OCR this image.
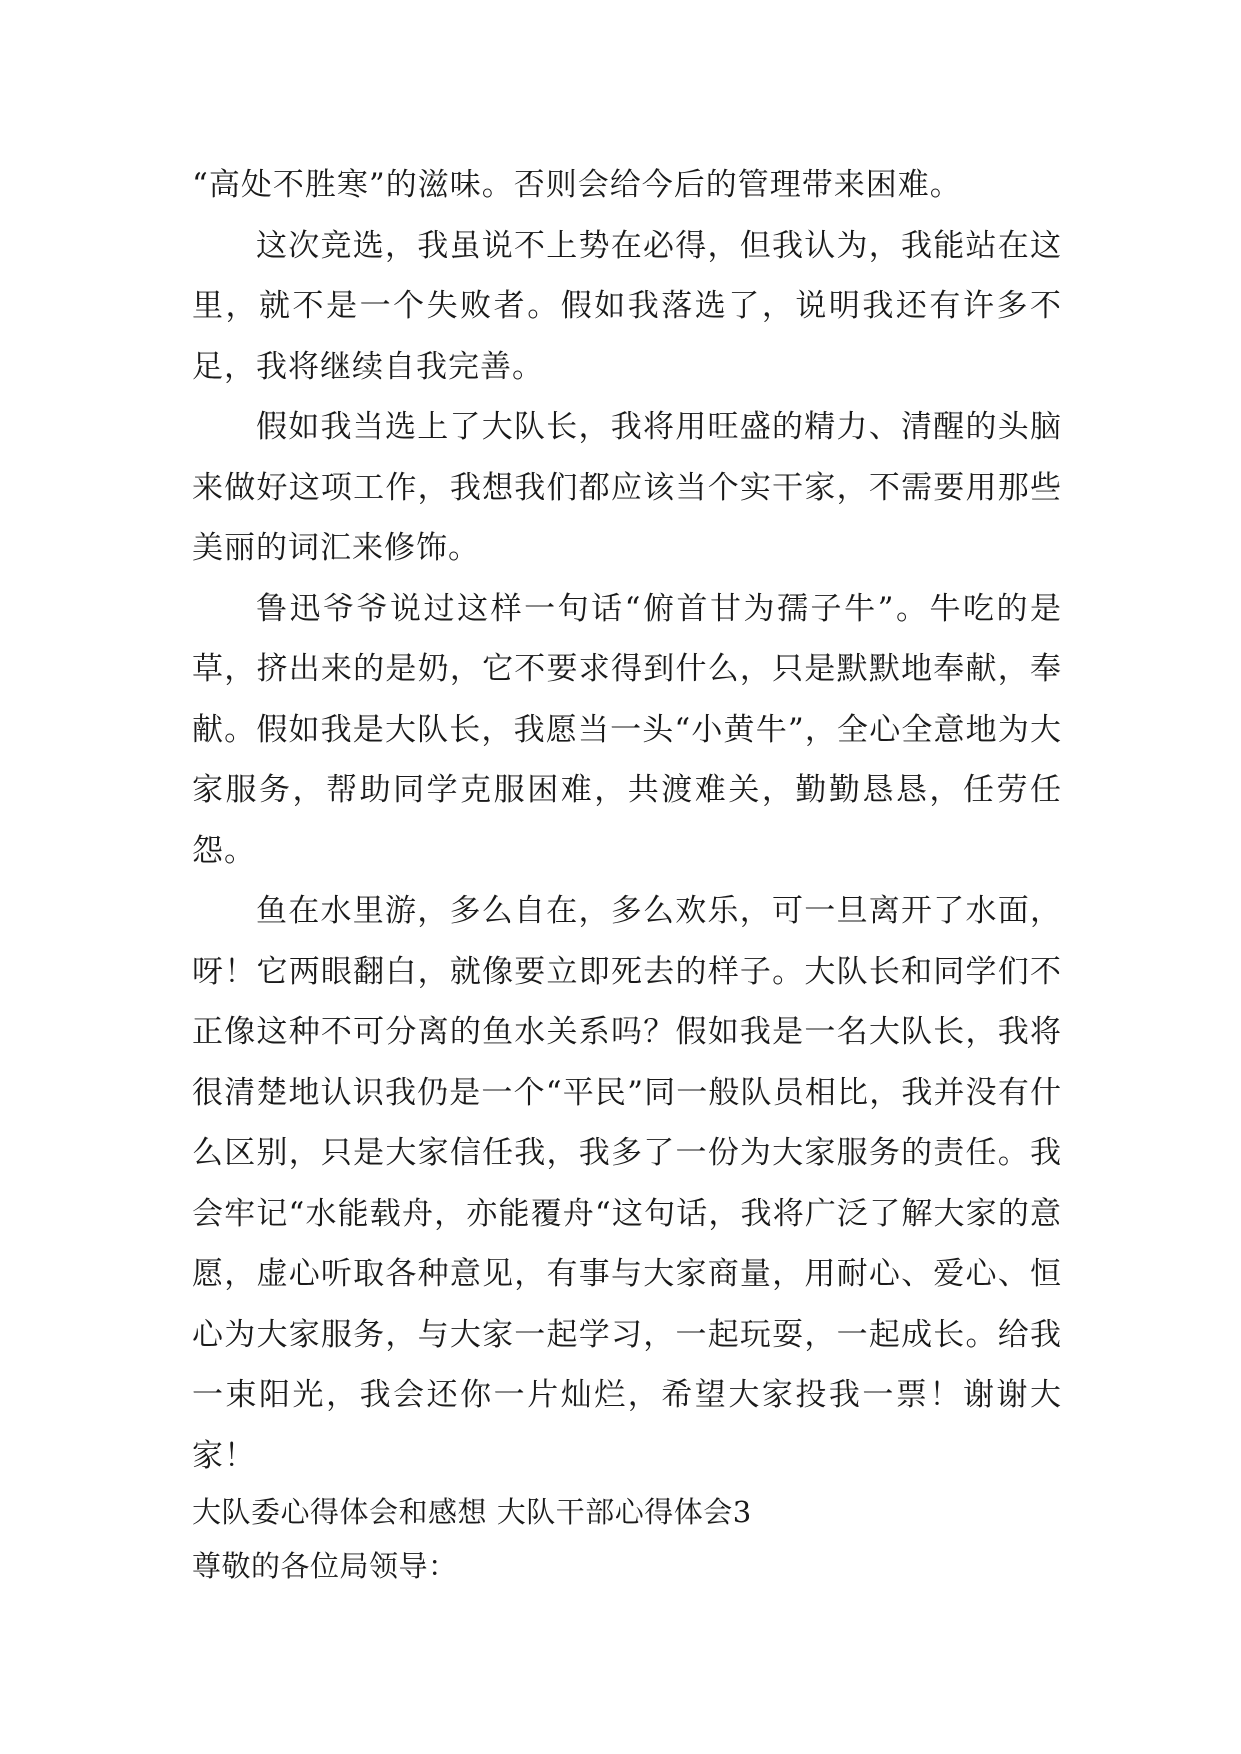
“高处不胜寒”的滋味。否则会给今后的管理带来困难。

这次竞选，我虽说不上势在必得，但我认为，我能站在这里，就不是一个失败者。假如我落选了，说明我还有许多不足，我将继续自我完善。

假如我当选上了大队长，我将用旺盛的精力、清醒的头脑来做好这项工作，我想我们都应该当个实干家，不需要用那些美丽的词汇来修饰。

鲁迅爷爷说过这样一句话“俯首甘为孺子牛”。牛吃的是草，挤出来的是奶，它不要求得到什么，只是默默地奉献，奉献。假如我是大队长，我愿当一头“小黄牛”，全心全意地为大家服务，帮助同学克服困难，共渡难关，勤勤恳恳，任劳任怨。

鱼在水里游，多么自在，多么欢乐，可一旦离开了水面，呀！它两眼翻白，就像要立即死去的样子。大队长和同学们不正像这种不可分离的鱼水关系吗？假如我是一名大队长，我将很清楚地认识我仍是一个“平民”同一般队员相比，我并没有什么区别，只是大家信任我，我多了一份为大家服务的责任。我会牢记“水能载舟，亦能覆舟“这句话，我将广泛了解大家的意愿，虚心听取各种意见，有事与大家商量，用耐心、爱心、恒心为大家服务，与大家一起学习，一起玩耍，一起成长。给我一束阳光，我会还你一片灿烂，希望大家投我一票！谢谢大家！

大队委心得体会和感想 大队干部心得体会3

尊敬的各位局领导：
